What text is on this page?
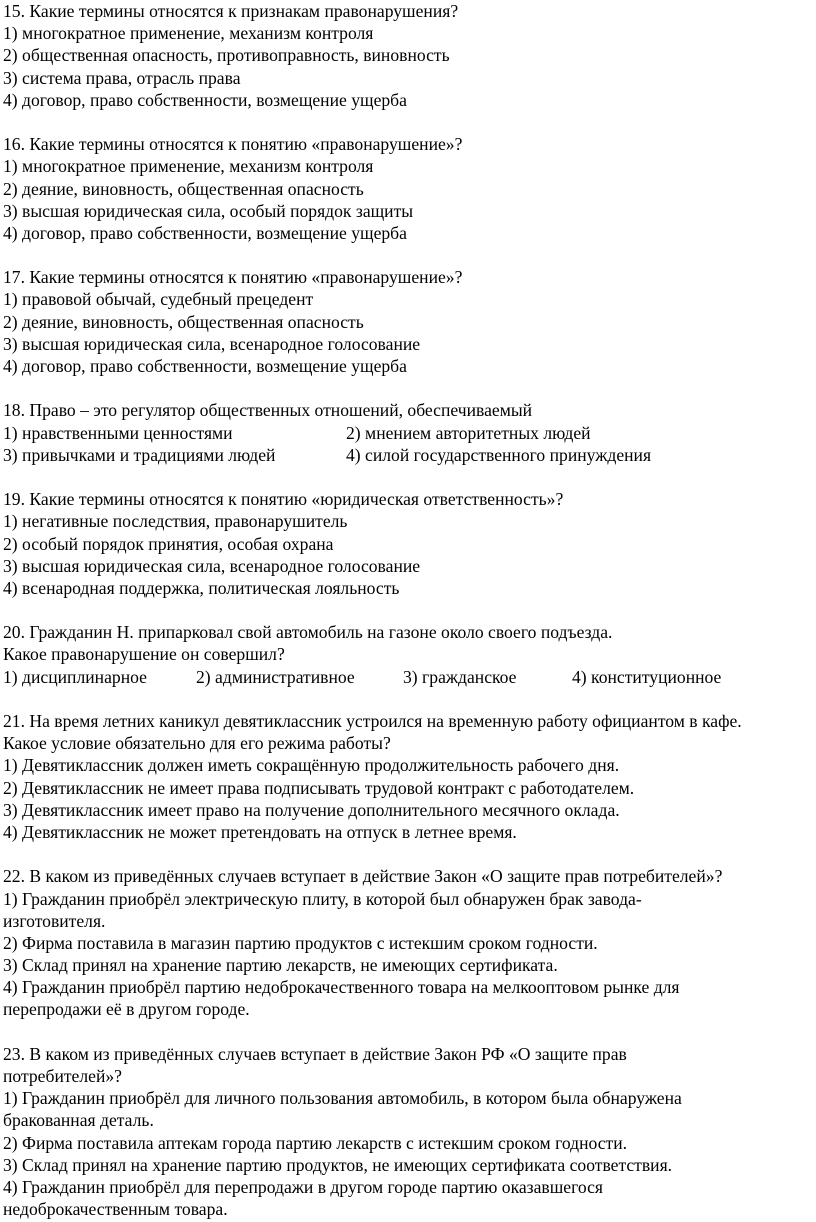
15. Какие термины относятся к признакам правонарушения?
1) многократное применение, механизм контроля
2) общественная опасность, противоправность, виновность
3) система права, отрасль права
4) договор, право собственности, возмещение ущерба
16. Какие термины относятся к понятию «правонарушение»?
1) многократное применение, механизм контроля
2) деяние, виновность, общественная опасность
3) высшая юридическая сила, особый порядок защиты
4) договор, право собственности, возмещение ущерба
17. Какие термины относятся к понятию «правонарушение»?
1) правовой обычай, судебный прецедент
2) деяние, виновность, общественная опасность
3) высшая юридическая сила, всенародное голосование
4) договор, право собственности, возмещение ущерба
18. Право – это регулятор общественных отношений, обеспечиваемый
1) нравственными ценностями	2) мнением авторитетных людей
3) привычками и традициями людей	4) силой государственного принуждения
19. Какие термины относятся к понятию «юридическая ответственность»?
1) негативные последствия, правонарушитель
2) особый порядок принятия, особая охрана
3) высшая юридическая сила, всенародное голосование
4) всенародная поддержка, политическая лояльность
20. Гражданин Н. припарковал свой автомобиль на газоне около своего подъезда.
Какое правонарушение он совершил?
1) дисциплинарное	2) административное	3) гражданское	4) конституционное
21. На время летних каникул девятиклассник устроился на временную работу официантом в кафе.
Какое условие обязательно для его режима работы?
1) Девятиклассник должен иметь сокращённую продолжительность рабочего дня.
2) Девятиклассник не имеет права подписывать трудовой контракт с работодателем.
3) Девятиклассник имеет право на получение дополнительного месячного оклада.
4) Девятиклассник не может претендовать на отпуск в летнее время.
22. В каком из приведённых случаев вступает в действие Закон «О защите прав потребителей»?
1) Гражданин приобрёл электрическую плиту, в которой был обнаружен брак завода-
изготовителя.
2) Фирма поставила в магазин партию продуктов с истекшим сроком годности.
3) Склад принял на хранение партию лекарств, не имеющих сертификата.
4) Гражданин приобрёл партию недоброкачественного товара на мелкооптовом рынке для
перепродажи её в другом городе.
23. В каком из приведённых случаев вступает в действие Закон РФ «О защите прав
потребителей»?
1) Гражданин приобрёл для личного пользования автомобиль, в котором была обнаружена
бракованная деталь.
2) Фирма поставила аптекам города партию лекарств с истекшим сроком годности.
3) Склад принял на хранение партию продуктов, не имеющих сертификата соответствия.
4) Гражданин приобрёл для перепродажи в другом городе партию оказавшегося
недоброкачественным товара.
